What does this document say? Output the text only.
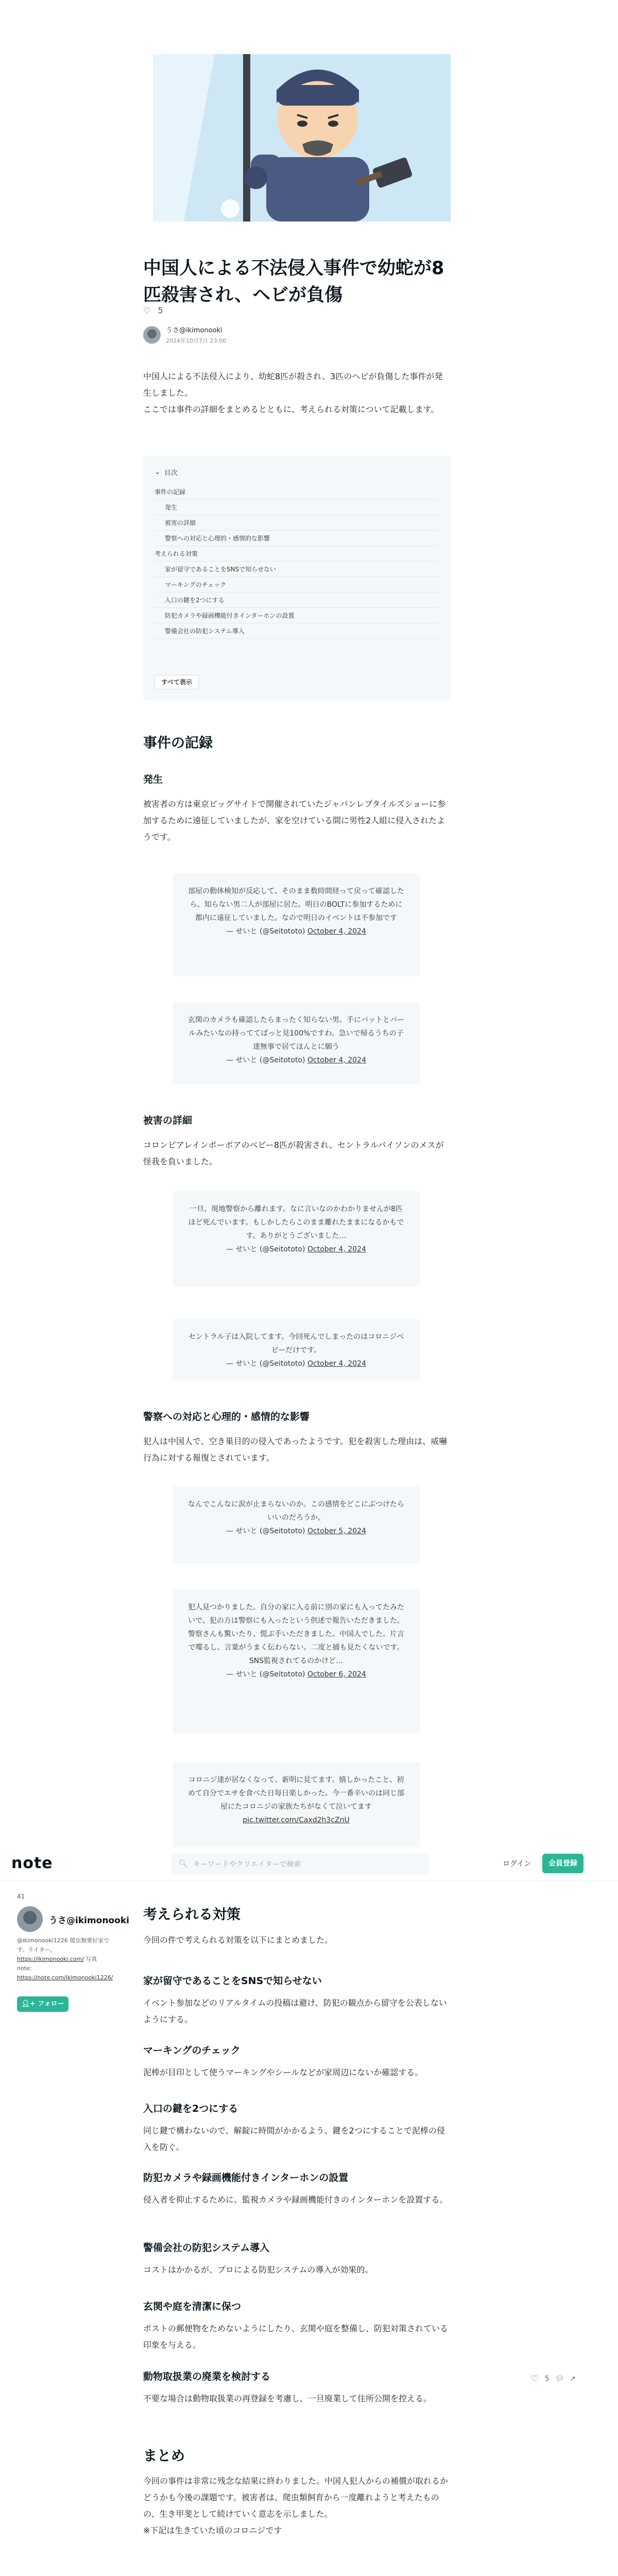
中国人による不法侵入事件で幼蛇が8匹殺害され、ヘビが負傷
♡ 5
うさ@ikimonooki
2024年10月7日 23:00

中国人による不法侵入により、幼蛇8匹が殺され、3匹のヘビが負傷した事件が発生しました。

ここでは事件の詳細をまとめるとともに、考えられる対策について記載します。

⌄ 目次
事件の記録
発生
被害の詳細
警察への対応と心理的・感情的な影響
考えられる対策
家が留守であることをSNSで知らせない
マーキングのチェック
入口の鍵を2つにする
防犯カメラや録画機能付きインターホンの設置
警備会社の防犯システム導入
すべて表示
事件の記録
発生

被害者の方は東京ビッグサイトで開催されていたジャパンレプタイルズショーに参加するために遠征していましたが、家を空けている間に男性2人組に侵入されたようです。

部屋の動体検知が反応して、そのまま数時間経って戻って確認したら、知らない男二人が部屋に居た。明日のBOLTに参加するために都内に遠征していました。なので明日のイベントは不参加です
— せいと (@Seitototo) October 4, 2024
玄関のカメラも確認したらまったく知らない男。手にバットとバールみたいなの持っててぱっと見100%ですわ。急いで帰るうちの子達無事で居てほんとに願う
— せいと (@Seitototo) October 4, 2024
被害の詳細

コロンビアレインボーボアのベビー8匹が殺害され、セントラルパイソンのメスが怪我を負いました。

一旦、現地警察から離れます。なに言いなのかわかりませんが8匹ほど死んでいます。もしかしたらこのまま離れたままになるかもです。ありがとうございました…
— せいと (@Seitototo) October 4, 2024
セントラル子は入院してます。今回死んでしまったのはコロニジベビーだけです。
— せいと (@Seitototo) October 4, 2024
警察への対応と心理的・感情的な影響

犯人は中国人で、空き巣目的の侵入であったようです。犯を殺害した理由は、威嚇行為に対する報復とされています。

なんでこんなに涙が止まらないのか。この感情をどこにぶつけたらいいのだろうか。
— せいと (@Seitototo) October 5, 2024
犯人見つかりました。自分の家に入る前に別の家にも入ってたみたいで、犯の方は警察にも入ったという供述で報告いただきました。警察さんも驚いたり、慌ぶ手いただきました。中国人でした。片言で喋るし、言葉がうまく伝わらない。二度と捕も見たくないです。SNS監視されてるのかけど…
— せいと (@Seitototo) October 6, 2024
コロニジ達が居なくなって、新明に見てます。嬉しかったこと、初めて自分でエサを食べた日毎日楽しかった。今一番辛いのは同じ部屋にたコロニジの家族たちがなくて泣いてます pic.twitter.com/Caxd2h3cZnU
note	🔍︎ キーワードやクリエイターで検索	ログイン	会員登録
41
うさ@ikimonooki
@ikimonooki1226 爬虫類愛好家です。ライター。
https://ikimonooki.com/ 写真
note:
https://note.com/ikimonooki1226/
👤︎+ フォロー
考えられる対策

今回の件で考えられる対策を以下にまとめました。

家が留守であることをSNSで知らせない

イベント参加などのリアルタイムの投稿は避け、防犯の観点から留守を公表しないようにする。

マーキングのチェック

泥棒が目印として使うマーキングやシールなどが家周辺にないか確認する。

入口の鍵を2つにする

同じ鍵で構わないので、解錠に時間がかかるよう、鍵を2つにすることで泥棒の侵入を防ぐ。

防犯カメラや録画機能付きインターホンの設置

侵入者を抑止するために、監視カメラや録画機能付きのインターホンを設置する。

警備会社の防犯システム導入

コストはかかるが、プロによる防犯システムの導入が効果的。

玄関や庭を清潔に保つ

ポストの郵便物をためないようにしたり、玄関や庭を整備し、防犯対策されている印象を与える。

動物取扱業の廃業を検討する

不要な場合は動物取扱業の再登録を考慮し、一旦廃業して住所公開を控える。

♡ 5 💬︎ ↗
まとめ

今回の事件は非常に残念な結果に終わりました。中国人犯人からの補償が取れるかどうかも今後の課題です。被害者は、爬虫類飼育から一度離れようと考えたものの、生き甲斐として続けていく意志を示しました。

※下記は生きていた頃のコロニジです
